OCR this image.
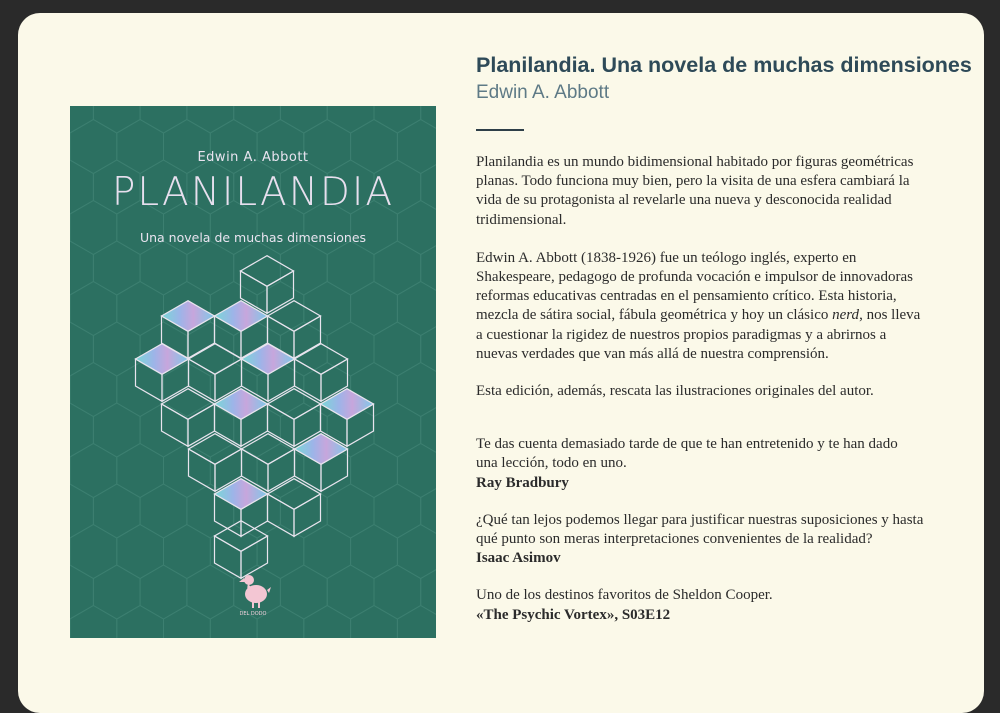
Edwin A. Abbott
PLANILANDIA
Una novela de muchas dimensiones
DEL DODO
Planilandia. Una novela de muchas dimensiones
Edwin A. Abbott

Planilandia es un mundo bidimensional habitado por figuras geométricas planas. Todo funciona muy bien, pero la visita de una esfera cambiará la vida de su protagonista al revelarle una nueva y desconocida realidad tridimensional.

Edwin A. Abbott (1838-1926) fue un teólogo inglés, experto en Shakespeare, pedagogo de profunda vocación e impulsor de innovadoras reformas educativas centradas en el pensamiento crítico. Esta historia, mezcla de sátira social, fábula geométrica y hoy un clásico nerd, nos lleva a cuestionar la rigidez de nuestros propios paradigmas y a abrirnos a nuevas verdades que van más allá de nuestra comprensión.

Esta edición, además, rescata las ilustraciones originales del autor.

Te das cuenta demasiado tarde de que te han entretenido y te han dado una lección, todo en uno.

Ray Bradbury

¿Qué tan lejos podemos llegar para justificar nuestras suposiciones y hasta qué punto son meras interpretaciones convenientes de la realidad?

Isaac Asimov

Uno de los destinos favoritos de Sheldon Cooper.

«The Psychic Vortex», S03E12
